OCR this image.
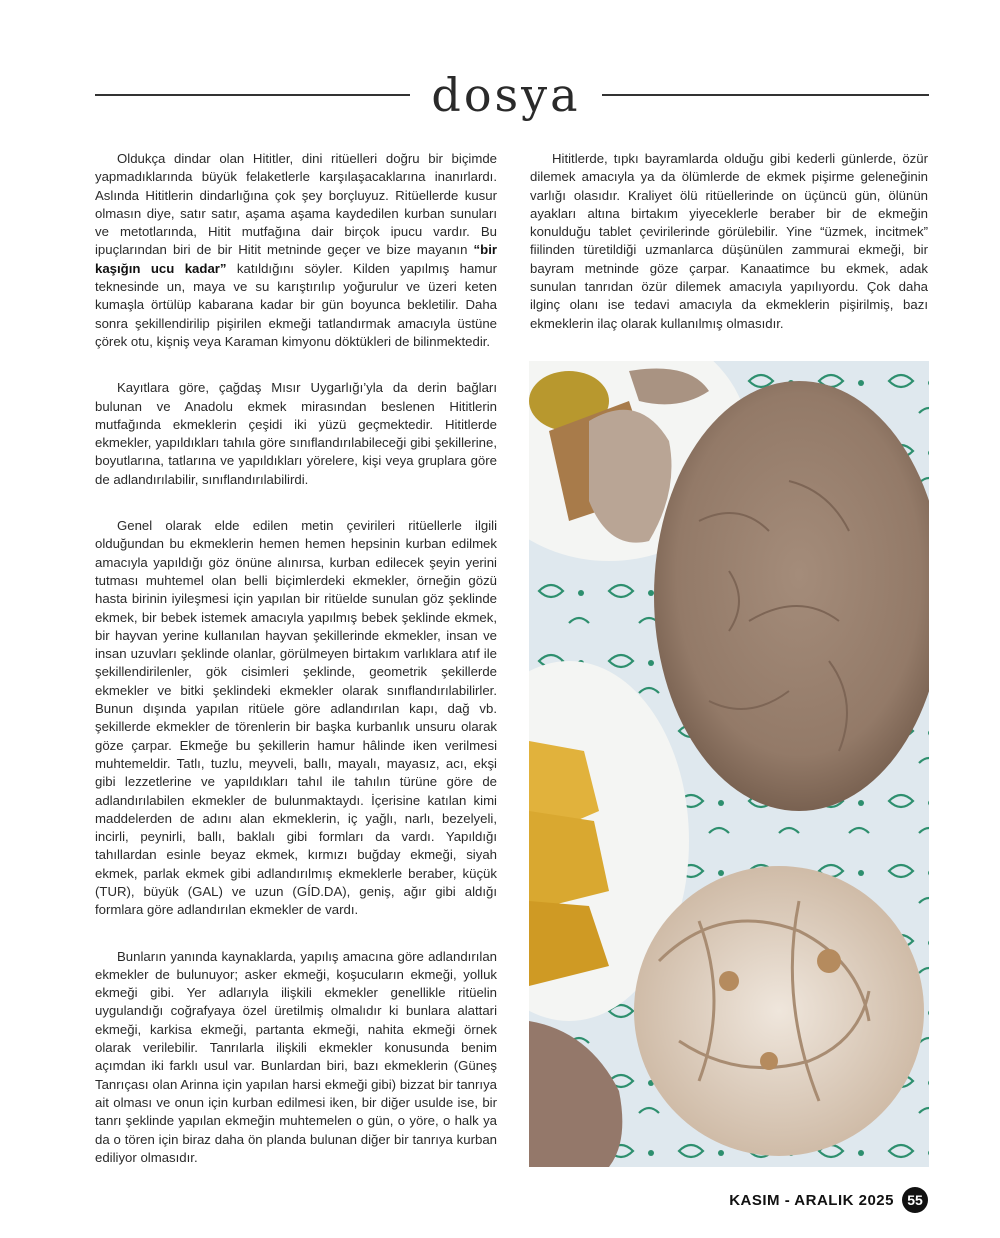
dosya

Oldukça dindar olan Hititler, dini ritüelleri doğru bir biçimde yapmadıklarında büyük felaketlerle karşılaşacaklarına inanırlardı. Aslında Hititlerin dindarlığına çok şey borçluyuz. Ritüellerde kusur olmasın diye, satır satır, aşama aşama kaydedilen kurban sunuları ve metotlarında, Hitit mutfağına dair birçok ipucu vardır. Bu ipuçlarından biri de bir Hitit metninde geçer ve bize mayanın “bir kaşığın ucu kadar” katıldığını söyler. Kilden yapılmış hamur teknesinde un, maya ve su karıştırılıp yoğurulur ve üzeri keten kumaşla örtülüp kabarana kadar bir gün boyunca bekletilir. Daha sonra şekillendirilip pişirilen ekmeği tatlandırmak amacıyla üstüne çörek otu, kişniş veya Karaman kimyonu döktükleri de bilinmektedir.

Kayıtlara göre, çağdaş Mısır Uygarlığı’yla da derin bağları bulunan ve Anadolu ekmek mirasından beslenen Hititlerin mutfağında ekmeklerin çeşidi iki yüzü geçmektedir. Hititlerde ekmekler, yapıldıkları tahıla göre sınıflandırılabileceği gibi şekillerine, boyutlarına, tatlarına ve yapıldıkları yörelere, kişi veya gruplara göre de adlandırılabilir, sınıflandırılabilirdi.

Genel olarak elde edilen metin çevirileri ritüellerle ilgili olduğundan bu ekmeklerin hemen hemen hepsinin kurban edilmek amacıyla yapıldığı göz önüne alınırsa, kurban edilecek şeyin yerini tutması muhtemel olan belli biçimlerdeki ekmekler, örneğin gözü hasta birinin iyileşmesi için yapılan bir ritüelde sunulan göz şeklinde ekmek, bir bebek istemek amacıyla yapılmış bebek şeklinde ekmek, bir hayvan yerine kullanılan hayvan şekillerinde ekmekler, insan ve insan uzuvları şeklinde olanlar, görülmeyen birtakım varlıklara atıf ile şekillendirilenler, gök cisimleri şeklinde, geometrik şekillerde ekmekler ve bitki şeklindeki ekmekler olarak sınıflandırılabilirler. Bunun dışında yapılan ritüele göre adlandırılan kapı, dağ vb. şekillerde ekmekler de törenlerin bir başka kurbanlık unsuru olarak göze çarpar. Ekmeğe bu şekillerin hamur hâlinde iken verilmesi muhtemeldir. Tatlı, tuzlu, meyveli, ballı, mayalı, mayasız, acı, ekşi gibi lezzetlerine ve yapıldıkları tahıl ile tahılın türüne göre de adlandırılabilen ekmekler de bulunmaktaydı. İçerisine katılan kimi maddelerden de adını alan ekmeklerin, iç yağlı, narlı, bezelyeli, incirli, peynirli, ballı, baklalı gibi formları da vardı. Yapıldığı tahıllardan esinle beyaz ekmek, kırmızı buğday ekmeği, siyah ekmek, parlak ekmek gibi adlandırılmış ekmeklerle beraber, küçük (TUR), büyük (GAL) ve uzun (GÍD.DA), geniş, ağır gibi aldığı formlara göre adlandırılan ekmekler de vardı.

Bunların yanında kaynaklarda, yapılış amacına göre adlandırılan ekmekler de bulunuyor; asker ekmeği, koşucuların ekmeği, yolluk ekmeği gibi. Yer adlarıyla ilişkili ekmekler genellikle ritüelin uygulandığı coğrafyaya özel üretilmiş olmalıdır ki bunlara alattari ekmeği, karkisa ekmeği, partanta ekmeği, nahita ekmeği örnek olarak verilebilir. Tanrılarla ilişkili ekmekler konusunda benim açımdan iki farklı usul var. Bunlardan biri, bazı ekmeklerin (Güneş Tanrıçası olan Arinna için yapılan harsi ekmeği gibi) bizzat bir tanrıya ait olması ve onun için kurban edilmesi iken, bir diğer usulde ise, bir tanrı şeklinde yapılan ekmeğin muhtemelen o gün, o yöre, o halk ya da o tören için biraz daha ön planda bulunan diğer bir tanrıya kurban ediliyor olmasıdır.

Hititlerde, tıpkı bayramlarda olduğu gibi kederli günlerde, özür dilemek amacıyla ya da ölümlerde de ekmek pişirme geleneğinin varlığı olasıdır. Kraliyet ölü ritüellerinde on üçüncü gün, ölünün ayakları altına birtakım yiyeceklerle beraber bir de ekmeğin konulduğu tablet çevirilerinde görülebilir. Yine “üzmek, incitmek” fiilinden türetildiği uzmanlarca düşünülen zammurai ekmeği, bir bayram metninde göze çarpar. Kanaatimce bu ekmek, adak sunulan tanrıdan özür dilemek amacıyla yapılıyordu. Çok daha ilginç olanı ise tedavi amacıyla da ekmeklerin pişirilmiş, bazı ekmeklerin ilaç olarak kullanılmış olmasıdır.

KASIM - ARALIK 2025 55
